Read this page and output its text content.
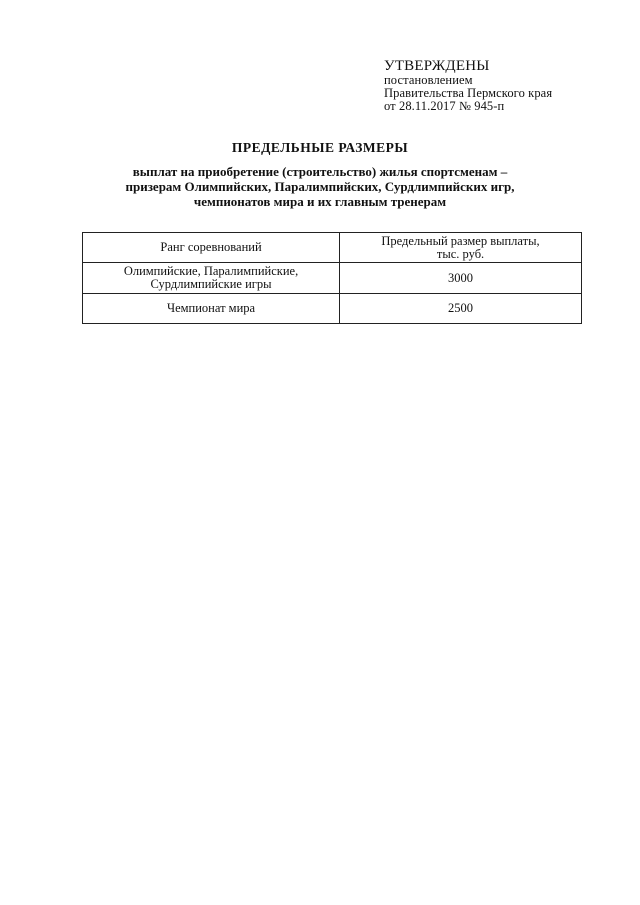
УТВЕРЖДЕНЫ
постановлением
Правительства Пермского края
от 28.11.2017 № 945-п
ПРЕДЕЛЬНЫЕ РАЗМЕРЫ
выплат на приобретение (строительство) жилья спортсменам –
призерам Олимпийских, Паралимпийских, Сурдлимпийских игр,
чемпионатов мира и их главным тренерам
Ранг соревнований	Предельный размер выплаты,
тыс. руб.
Олимпийские, Паралимпийские,
Сурдлимпийские игры	3000
Чемпионат мира	2500
